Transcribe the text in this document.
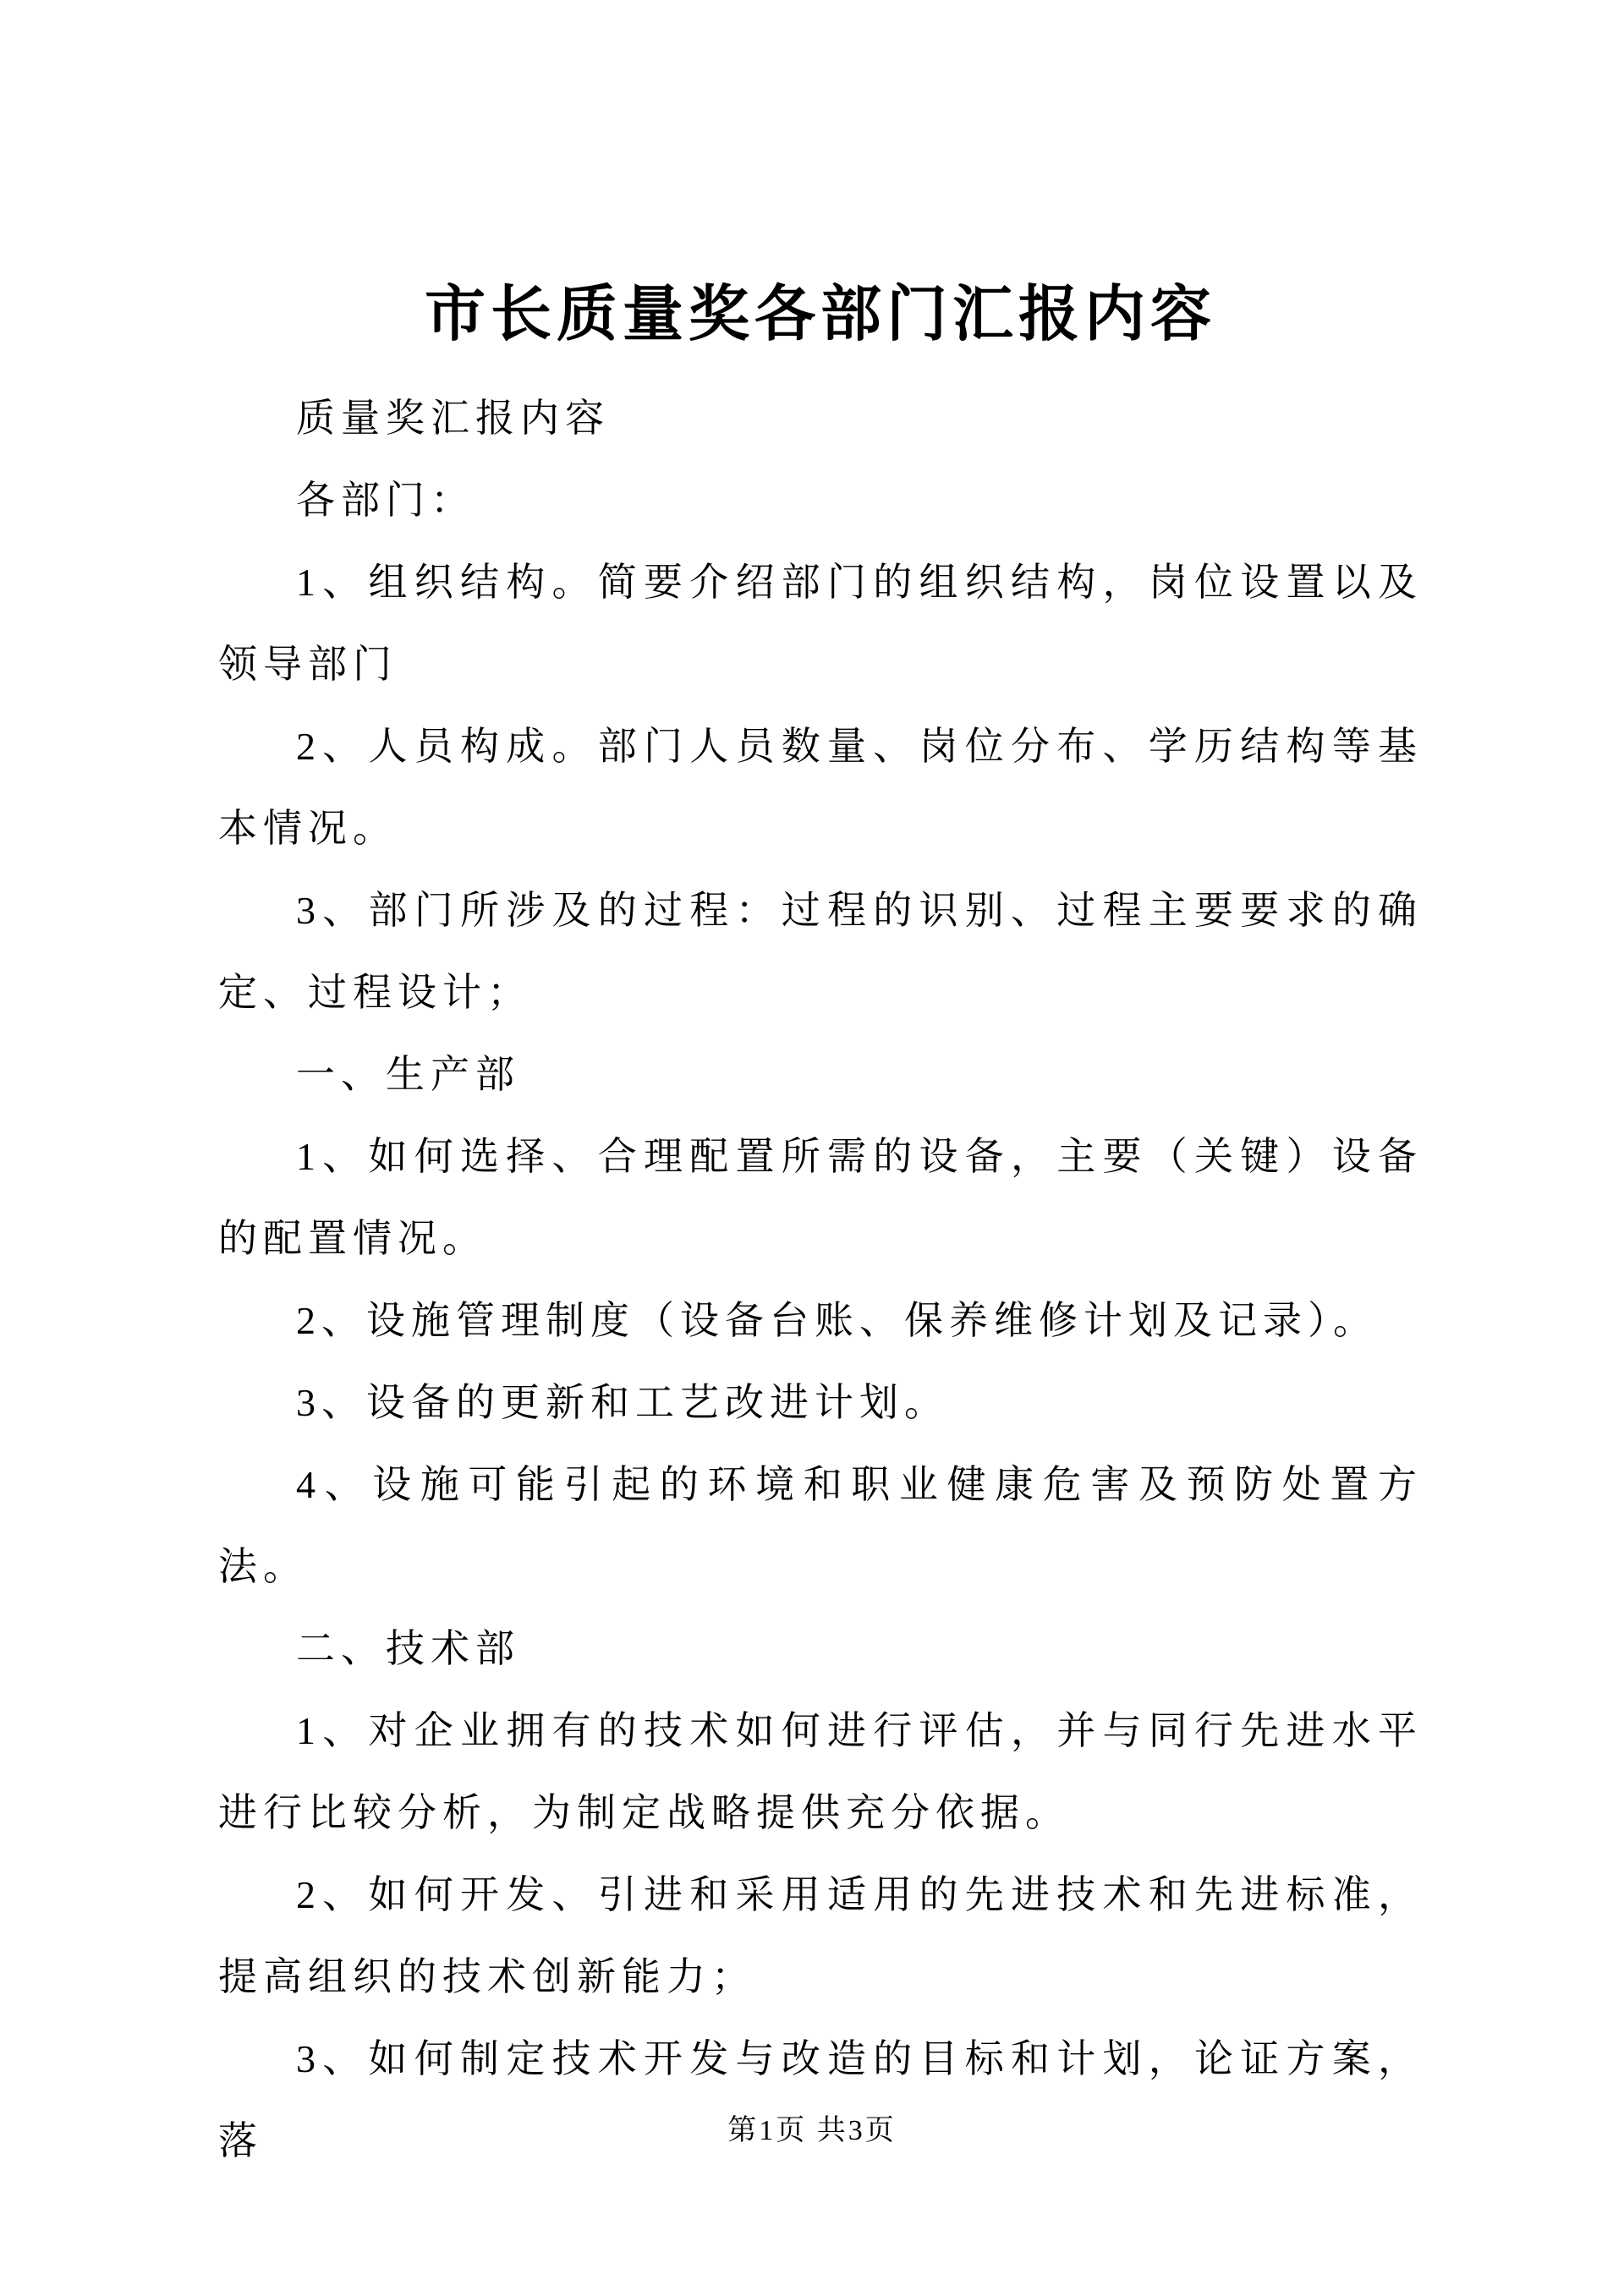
市长质量奖各部门汇报内容

质量奖汇报内容

各部门：

1、组织结构。简要介绍部门的组织结构，岗位设置以及领导部门

2、人员构成。部门人员数量、岗位分布、学历结构等基本情况。

3、部门所涉及的过程：过程的识别、过程主要要求的确定、过程设计；

一、生产部

1、如何选择、合理配置所需的设备，主要（关键）设备的配置情况。

2、设施管理制度（设备台账、保养维修计划及记录）。

3、设备的更新和工艺改进计划。

4、设施可能引起的环境和职业健康危害及预防处置方法。

二、技术部

1、对企业拥有的技术如何进行评估，并与同行先进水平进行比较分析，为制定战略提供充分依据。

2、如何开发、引进和采用适用的先进技术和先进标准，提高组织的技术创新能力；

3、如何制定技术开发与改造的目标和计划，论证方案，落	第1页 共3页
